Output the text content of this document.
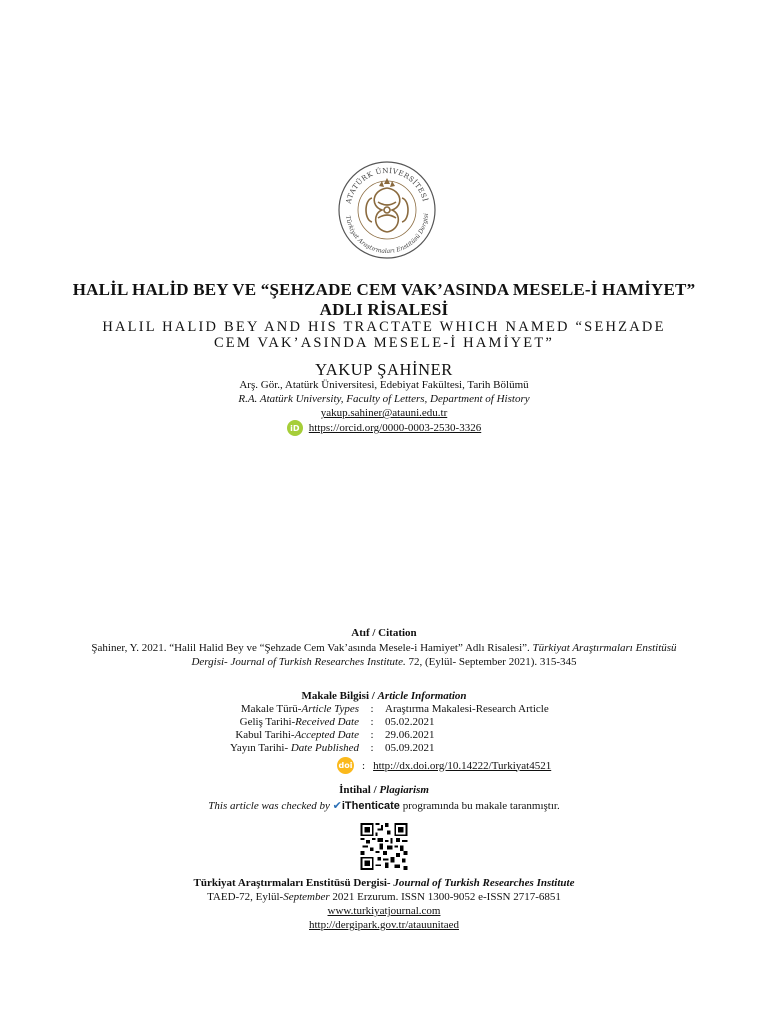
ATATÜRK ÜNİVERSİTESİ
Türkiyat Araştırmaları Enstitüsü Dergisi
HALİL HALİD BEY VE “ŞEHZADE CEM VAK’ASINDA MESELE-İ HAMİYET”
ADLI RİSALESİ
HALIL HALID BEY AND HIS TRACTATE WHICH NAMED “SEHZADE
CEM VAK’ASINDA MESELE-İ HAMİYET”
YAKUP ŞAHİNER
Arş. Gör., Atatürk Üniversitesi, Edebiyat Fakültesi, Tarih Bölümü
R.A. Atatürk University, Faculty of Letters, Department of History
yakup.sahiner@atauni.edu.tr
iD https://orcid.org/0000-0003-2530-3326
Atıf / Citation
Şahiner, Y. 2021. “Halil Halid Bey ve “Şehzade Cem Vak’asında Mesele-i Hamiyet” Adlı Risalesi”. Türkiyat Araştırmaları Enstitüsü Dergisi- Journal of Turkish Researches Institute. 72, (Eylül- September 2021). 315-345
Makale Bilgisi / Article Information
Makale Türü-Article Types	:	Araştırma Makalesi-Research Article
Geliş Tarihi-Received Date	:	05.02.2021
Kabul Tarihi-Accepted Date	:	29.06.2021
Yayın Tarihi- Date Published	:	05.09.2021
doi : http://dx.doi.org/10.14222/Turkiyat4521
İntihal / Plagiarism
This article was checked by ✔iThenticate programında bu makale taranmıştır.
Türkiyat Araştırmaları Enstitüsü Dergisi- Journal of Turkish Researches Institute
TAED-72, Eylül-September 2021 Erzurum. ISSN 1300-9052 e-ISSN 2717-6851
www.turkiyatjournal.com
http://dergipark.gov.tr/atauunitaed
